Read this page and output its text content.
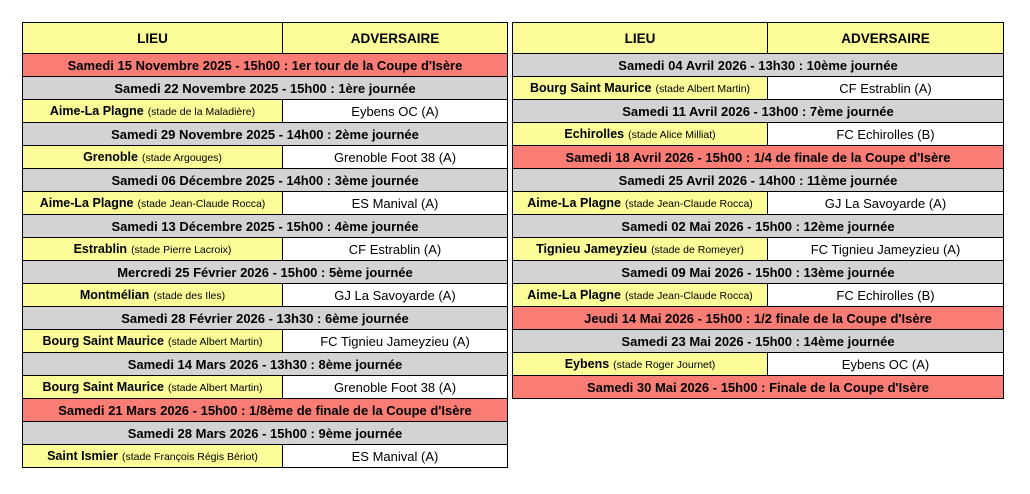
LIEU	ADVERSAIRE
Samedi 15 Novembre 2025 - 15h00 : 1er tour de la Coupe d'Isère	
Samedi 22 Novembre 2025 - 15h00 : 1ère journée	
Aime-La Plagne (stade de la Maladière)	Eybens OC (A)
Samedi 29 Novembre 2025 - 14h00 : 2ème journée	
Grenoble (stade Argouges)	Grenoble Foot 38 (A)
Samedi 06 Décembre 2025 - 14h00 : 3ème journée	
Aime-La Plagne (stade Jean-Claude Rocca)	ES Manival (A)
Samedi 13 Décembre 2025 - 15h00 : 4ème journée	
Estrablin (stade Pierre Lacroix)	CF Estrablin (A)
Mercredi 25 Février 2026 - 15h00 : 5ème journée	
Montmélian (stade des Iles)	GJ La Savoyarde (A)
Samedi 28 Février 2026 - 13h30 : 6ème journée	
Bourg Saint Maurice (stade Albert Martin)	FC Tignieu Jameyzieu (A)
Samedi 14 Mars 2026 - 13h30 : 8ème journée	
Bourg Saint Maurice (stade Albert Martin)	Grenoble Foot 38 (A)
Samedi 21 Mars 2026 - 15h00 : 1/8ème de finale de la Coupe d'Isère	
Samedi 28 Mars 2026 - 15h00 : 9ème journée	
Saint Ismier (stade François Régis Bériot)	ES Manival (A)
LIEU	ADVERSAIRE
Samedi 04 Avril 2026 - 13h30 : 10ème journée	
Bourg Saint Maurice (stade Albert Martin)	CF Estrablin (A)
Samedi 11 Avril 2026 - 13h00 : 7ème journée	
Echirolles (stade Alice Milliat)	FC Echirolles (B)
Samedi 18 Avril 2026 - 15h00 : 1/4 de finale de la Coupe d'Isère	
Samedi 25 Avril 2026 - 14h00 : 11ème journée	
Aime-La Plagne (stade Jean-Claude Rocca)	GJ La Savoyarde (A)
Samedi 02 Mai 2026 - 15h00 : 12ème journée	
Tignieu Jameyzieu (stade de Romeyer)	FC Tignieu Jameyzieu (A)
Samedi 09 Mai 2026 - 15h00 : 13ème journée	
Aime-La Plagne (stade Jean-Claude Rocca)	FC Echirolles (B)
Jeudi 14 Mai 2026 - 15h00 : 1/2 finale de la Coupe d'Isère	
Samedi 23 Mai 2026 - 15h00 : 14ème journée	
Eybens (stade Roger Journet)	Eybens OC (A)
Samedi 30 Mai 2026 - 15h00 : Finale de la Coupe d'Isère	
